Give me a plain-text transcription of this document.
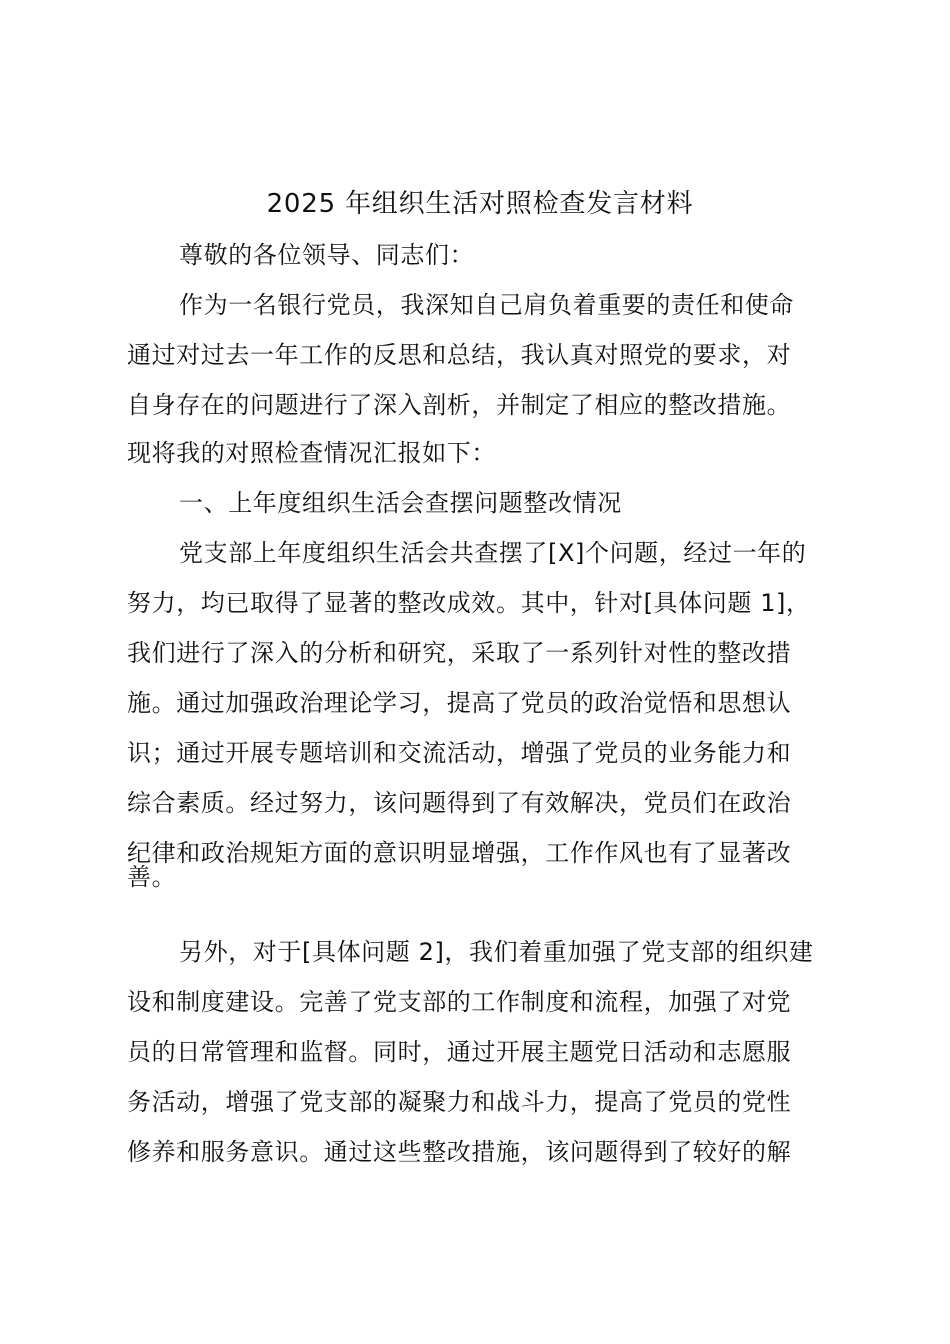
2025 年组织生活对照检查发言材料
尊敬的各位领导、同志们：
作为一名银行党员，我深知自己肩负着重要的责任和使命
通过对过去一年工作的反思和总结，我认真对照党的要求，对
自身存在的问题进行了深入剖析，并制定了相应的整改措施。
现将我的对照检查情况汇报如下：
一、上年度组织生活会查摆问题整改情况
党支部上年度组织生活会共查摆了[X]个问题，经过一年的
努力，均已取得了显著的整改成效。其中，针对[具体问题 1]，
我们进行了深入的分析和研究，采取了一系列针对性的整改措
施。通过加强政治理论学习，提高了党员的政治觉悟和思想认
识；通过开展专题培训和交流活动，增强了党员的业务能力和
综合素质。经过努力，该问题得到了有效解决，党员们在政治
纪律和政治规矩方面的意识明显增强，工作作风也有了显著改
善。
另外，对于[具体问题 2]，我们着重加强了党支部的组织建
设和制度建设。完善了党支部的工作制度和流程，加强了对党
员的日常管理和监督。同时，通过开展主题党日活动和志愿服
务活动，增强了党支部的凝聚力和战斗力，提高了党员的党性
修养和服务意识。通过这些整改措施，该问题得到了较好的解
